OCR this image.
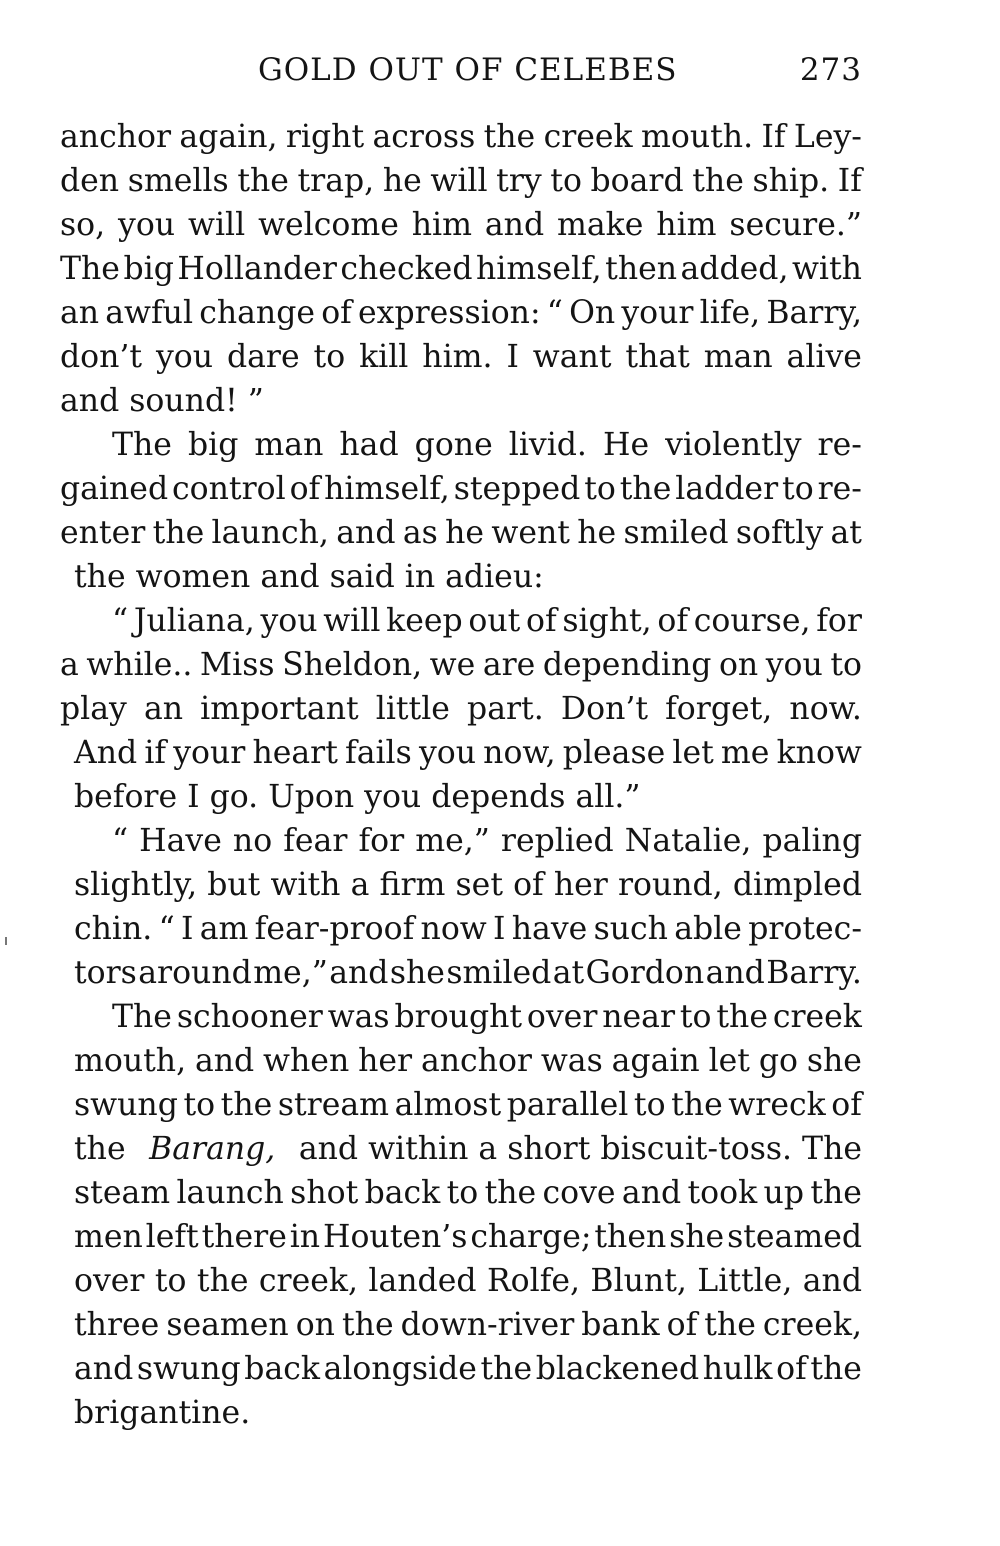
GOLD OUT OF CELEBES	273
anchor again, right across the creek mouth. If Ley-
den smells the trap, he will try to board the ship. If
so, you will welcome him and make him secure.”
The big Hollander checked himself, then added, with
an awful change of expression: “ On your life, Barry,
don’t you dare to kill him. I want that man alive
and sound! ”
The big man had gone livid. He violently re-
gained control of himself, stepped to the ladder to re-
enter the launch, and as he went he smiled softly at
the women and said in adieu:
“ Juliana, you will keep out of sight, of course, for
a while.. Miss Sheldon, we are depending on you to
play an important little part. Don’t forget, now.
And if your heart fails you now, please let me know
before I go. Upon you depends all.”
“ Have no fear for me,” replied Natalie, paling
slightly, but with a firm set of her round, dimpled
chin. “ I am fear-proof now I have such able protec-
tors around me,” and she smiled at Gordon and Barry.
The schooner was brought over near to the creek
mouth, and when her anchor was again let go she
swung to the stream almost parallel to the wreck of
the Barang, and within a short biscuit-toss. The
steam launch shot back to the cove and took up the
men left there in Houten’s charge; then she steamed
over to the creek, landed Rolfe, Blunt, Little, and
three seamen on the down-river bank of the creek,
and swung back alongside the blackened hulk of the
brigantine.
